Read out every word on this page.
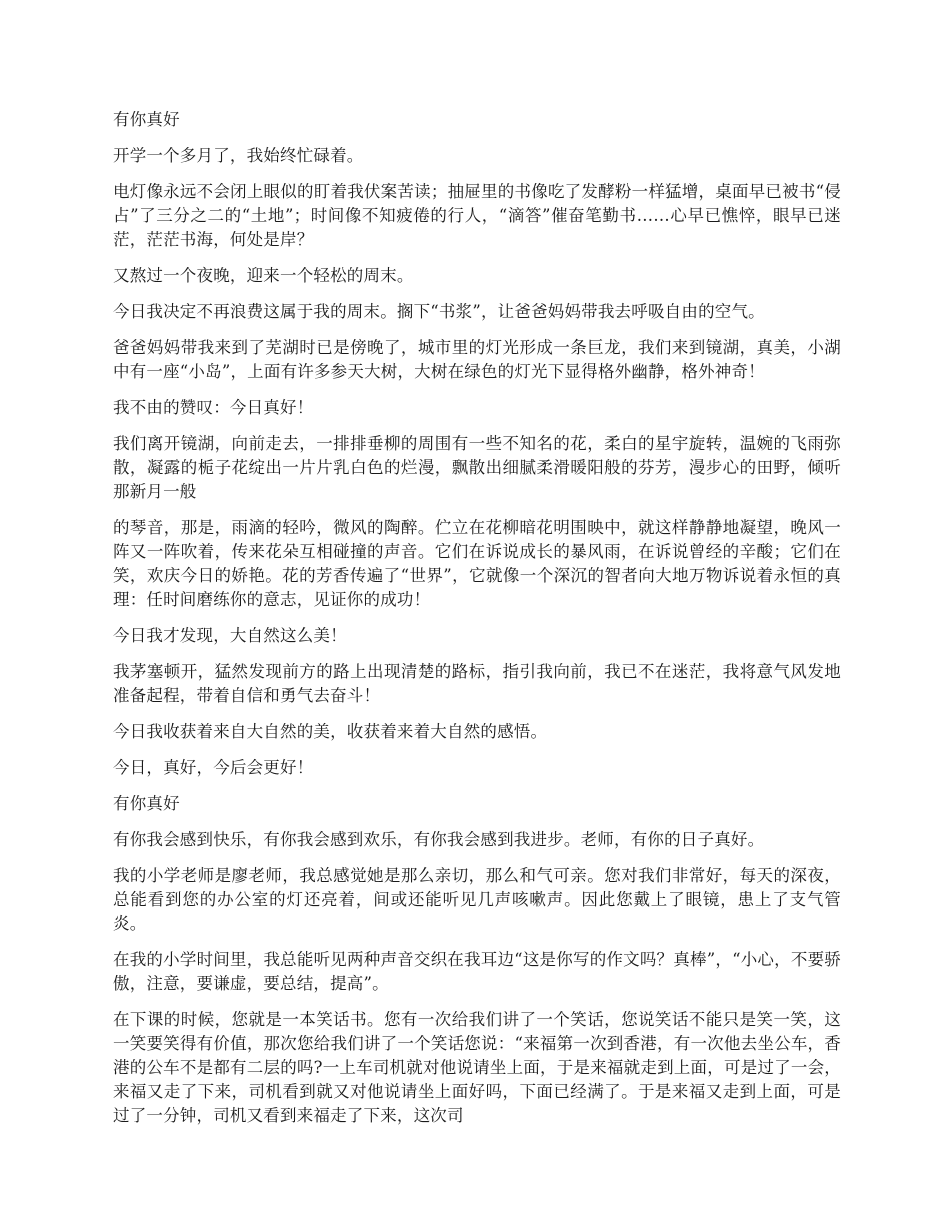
有你真好

开学一个多月了，我始终忙碌着。

电灯像永远不会闭上眼似的盯着我伏案苦读；抽屉里的书像吃了发酵粉一样猛增，桌面早已被书“侵占”了三分之二的“土地”；时间像不知疲倦的行人，“滴答”催奋笔勤书……心早已憔悴，眼早已迷茫，茫茫书海，何处是岸？

又熬过一个夜晚，迎来一个轻松的周末。

今日我决定不再浪费这属于我的周末。搁下“书浆”，让爸爸妈妈带我去呼吸自由的空气。

爸爸妈妈带我来到了芜湖时已是傍晚了，城市里的灯光形成一条巨龙，我们来到镜湖，真美，小湖中有一座“小岛”，上面有许多参天大树，大树在绿色的灯光下显得格外幽静，格外神奇！

我不由的赞叹：今日真好！

我们离开镜湖，向前走去，一排排垂柳的周围有一些不知名的花，柔白的星宇旋转，温婉的飞雨弥散，凝露的栀子花绽出一片片乳白色的烂漫，飘散出细腻柔滑暖阳般的芬芳，漫步心的田野，倾听那新月一般

的琴音，那是，雨滴的轻吟，微风的陶醉。伫立在花柳暗花明围映中，就这样静静地凝望，晚风一阵又一阵吹着，传来花朵互相碰撞的声音。它们在诉说成长的暴风雨，在诉说曾经的辛酸；它们在笑，欢庆今日的娇艳。花的芳香传遍了“世界”，它就像一个深沉的智者向大地万物诉说着永恒的真理：任时间磨练你的意志，见证你的成功！

今日我才发现，大自然这么美！

我茅塞顿开，猛然发现前方的路上出现清楚的路标，指引我向前，我已不在迷茫，我将意气风发地准备起程，带着自信和勇气去奋斗！

今日我收获着来自大自然的美，收获着来着大自然的感悟。

今日，真好，今后会更好！

有你真好

有你我会感到快乐，有你我会感到欢乐，有你我会感到我进步。老师，有你的日子真好。

我的小学老师是廖老师，我总感觉她是那么亲切，那么和气可亲。您对我们非常好，每天的深夜，总能看到您的办公室的灯还亮着，间或还能听见几声咳嗽声。因此您戴上了眼镜，患上了支气管炎。

在我的小学时间里，我总能听见两种声音交织在我耳边“这是你写的作文吗？真棒”，“小心，不要骄傲，注意，要谦虚，要总结，提高”。

在下课的时候，您就是一本笑话书。您有一次给我们讲了一个笑话，您说笑话不能只是笑一笑，这一笑要笑得有价值，那次您给我们讲了一个笑话您说：“来福第一次到香港，有一次他去坐公车，香港的公车不是都有二层的吗?一上车司机就对他说请坐上面，于是来福就走到上面，可是过了一会，来福又走了下来，司机看到就又对他说请坐上面好吗，下面已经满了。于是来福又走到上面，可是过了一分钟，司机又看到来福走了下来，这次司
